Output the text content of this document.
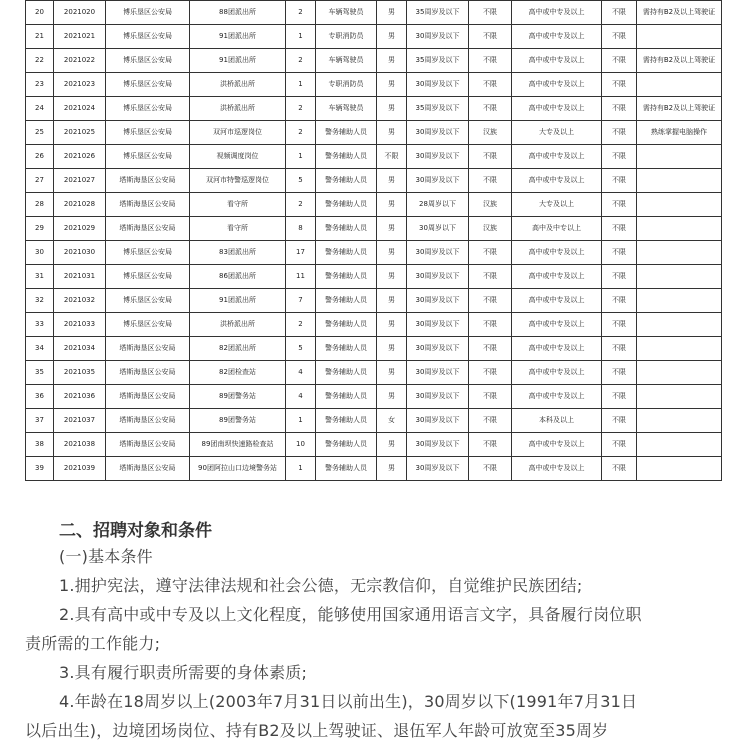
20	2021020	博乐垦区公安局	88团派出所	2	车辆驾驶员	男	35周岁及以下	不限	高中或中专及以上	不限	需持有B2及以上驾驶证
21	2021021	博乐垦区公安局	91团派出所	1	专职消防员	男	30周岁及以下	不限	高中或中专及以上	不限	
22	2021022	博乐垦区公安局	91团派出所	2	车辆驾驶员	男	35周岁及以下	不限	高中或中专及以上	不限	需持有B2及以上驾驶证
23	2021023	博乐垦区公安局	洪桥派出所	1	专职消防员	男	30周岁及以下	不限	高中或中专及以上	不限	
24	2021024	博乐垦区公安局	洪桥派出所	2	车辆驾驶员	男	35周岁及以下	不限	高中或中专及以上	不限	需持有B2及以上驾驶证
25	2021025	博乐垦区公安局	双河市巡逻岗位	2	警务辅助人员	男	30周岁及以下	汉族	大专及以上	不限	熟练掌握电脑操作
26	2021026	博乐垦区公安局	视频调度岗位	1	警务辅助人员	不限	30周岁及以下	不限	高中或中专及以上	不限	
27	2021027	塔斯海垦区公安局	双河市特警巡逻岗位	5	警务辅助人员	男	30周岁及以下	不限	高中或中专及以上	不限	
28	2021028	塔斯海垦区公安局	看守所	2	警务辅助人员	男	28周岁以下	汉族	大专及以上	不限	
29	2021029	塔斯海垦区公安局	看守所	8	警务辅助人员	男	30周岁以下	汉族	高中及中专以上	不限	
30	2021030	博乐垦区公安局	83团派出所	17	警务辅助人员	男	30周岁及以下	不限	高中或中专及以上	不限	
31	2021031	博乐垦区公安局	86团派出所	11	警务辅助人员	男	30周岁及以下	不限	高中或中专及以上	不限	
32	2021032	博乐垦区公安局	91团派出所	7	警务辅助人员	男	30周岁及以下	不限	高中或中专及以上	不限	
33	2021033	博乐垦区公安局	洪桥派出所	2	警务辅助人员	男	30周岁及以下	不限	高中或中专及以上	不限	
34	2021034	塔斯海垦区公安局	82团派出所	5	警务辅助人员	男	30周岁及以下	不限	高中或中专及以上	不限	
35	2021035	塔斯海垦区公安局	82团检查站	4	警务辅助人员	男	30周岁及以下	不限	高中或中专及以上	不限	
36	2021036	塔斯海垦区公安局	89团警务站	4	警务辅助人员	男	30周岁及以下	不限	高中或中专及以上	不限	
37	2021037	塔斯海垦区公安局	89团警务站	1	警务辅助人员	女	30周岁及以下	不限	本科及以上	不限	
38	2021038	塔斯海垦区公安局	89团南坝快速路检查站	10	警务辅助人员	男	30周岁及以下	不限	高中或中专及以上	不限	
39	2021039	塔斯海垦区公安局	90团阿拉山口边境警务站	1	警务辅助人员	男	30周岁及以下	不限	高中或中专及以上	不限	
二、招聘对象和条件
(一)基本条件
1.拥护宪法，遵守法律法规和社会公德，无宗教信仰，自觉维护民族团结;
2.具有高中或中专及以上文化程度，能够使用国家通用语言文字，具备履行岗位职
责所需的工作能力;
3.具有履行职责所需要的身体素质;
4.年龄在18周岁以上(2003年7月31日以前出生)，30周岁以下(1991年7月31日
以后出生)，边境团场岗位、持有B2及以上驾驶证、退伍军人年龄可放宽至35周岁
